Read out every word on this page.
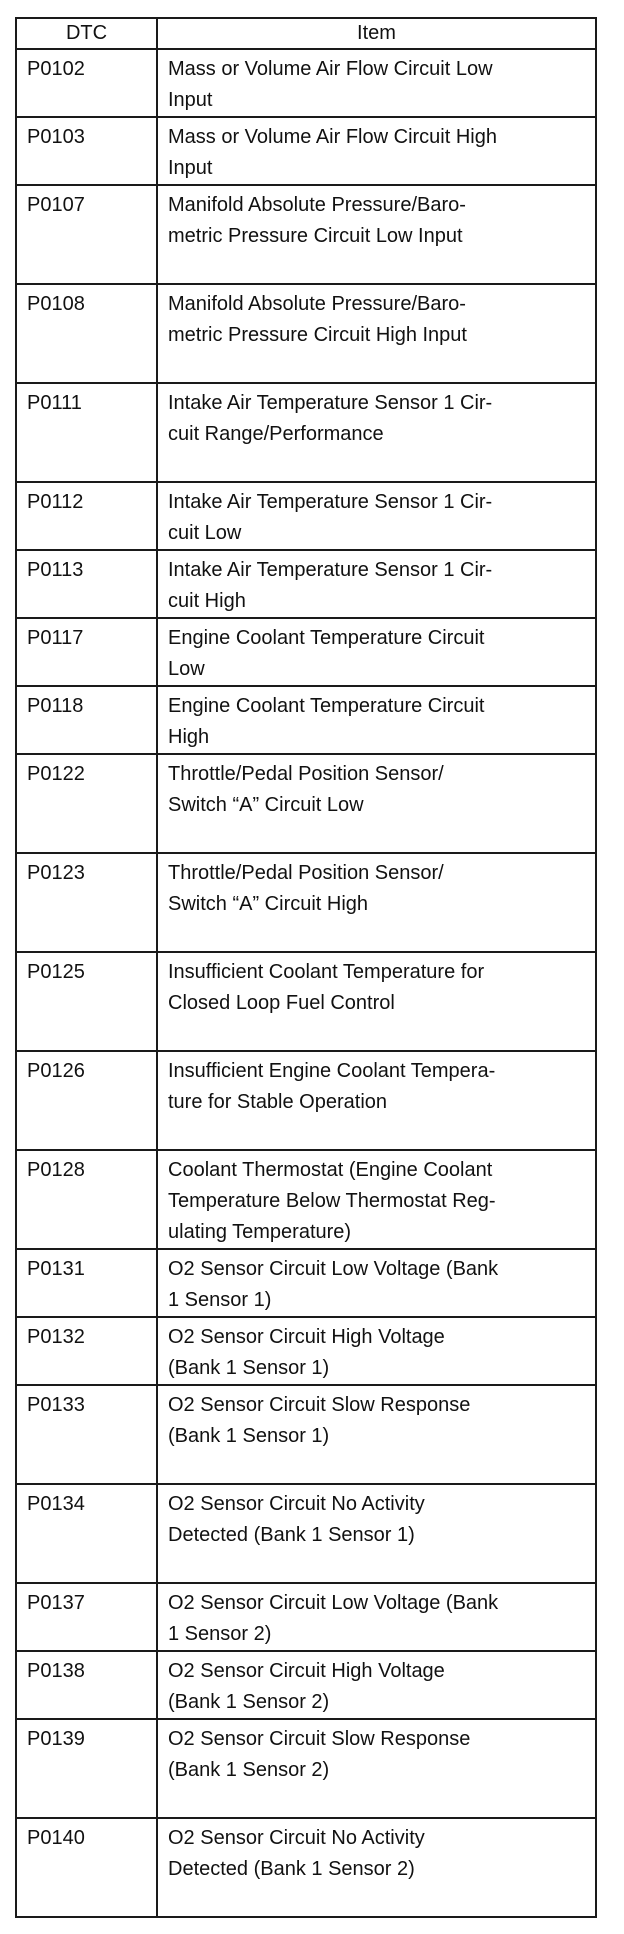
DTC	Item
P0102	Mass or Volume Air Flow Circuit Low
Input
P0103	Mass or Volume Air Flow Circuit High
Input
P0107	Manifold Absolute Pressure/Baro-
metric Pressure Circuit Low Input
P0108	Manifold Absolute Pressure/Baro-
metric Pressure Circuit High Input
P0111	Intake Air Temperature Sensor 1 Cir-
cuit Range/Performance
P0112	Intake Air Temperature Sensor 1 Cir-
cuit Low
P0113	Intake Air Temperature Sensor 1 Cir-
cuit High
P0117	Engine Coolant Temperature Circuit
Low
P0118	Engine Coolant Temperature Circuit
High
P0122	Throttle/Pedal Position Sensor/
Switch “A” Circuit Low
P0123	Throttle/Pedal Position Sensor/
Switch “A” Circuit High
P0125	Insufficient Coolant Temperature for
Closed Loop Fuel Control
P0126	Insufficient Engine Coolant Tempera-
ture for Stable Operation
P0128	Coolant Thermostat (Engine Coolant
Temperature Below Thermostat Reg-
ulating Temperature)
P0131	O2 Sensor Circuit Low Voltage (Bank
1 Sensor 1)
P0132	O2 Sensor Circuit High Voltage
(Bank 1 Sensor 1)
P0133	O2 Sensor Circuit Slow Response
(Bank 1 Sensor 1)
P0134	O2 Sensor Circuit No Activity
Detected (Bank 1 Sensor 1)
P0137	O2 Sensor Circuit Low Voltage (Bank
1 Sensor 2)
P0138	O2 Sensor Circuit High Voltage
(Bank 1 Sensor 2)
P0139	O2 Sensor Circuit Slow Response
(Bank 1 Sensor 2)
P0140	O2 Sensor Circuit No Activity
Detected (Bank 1 Sensor 2)
